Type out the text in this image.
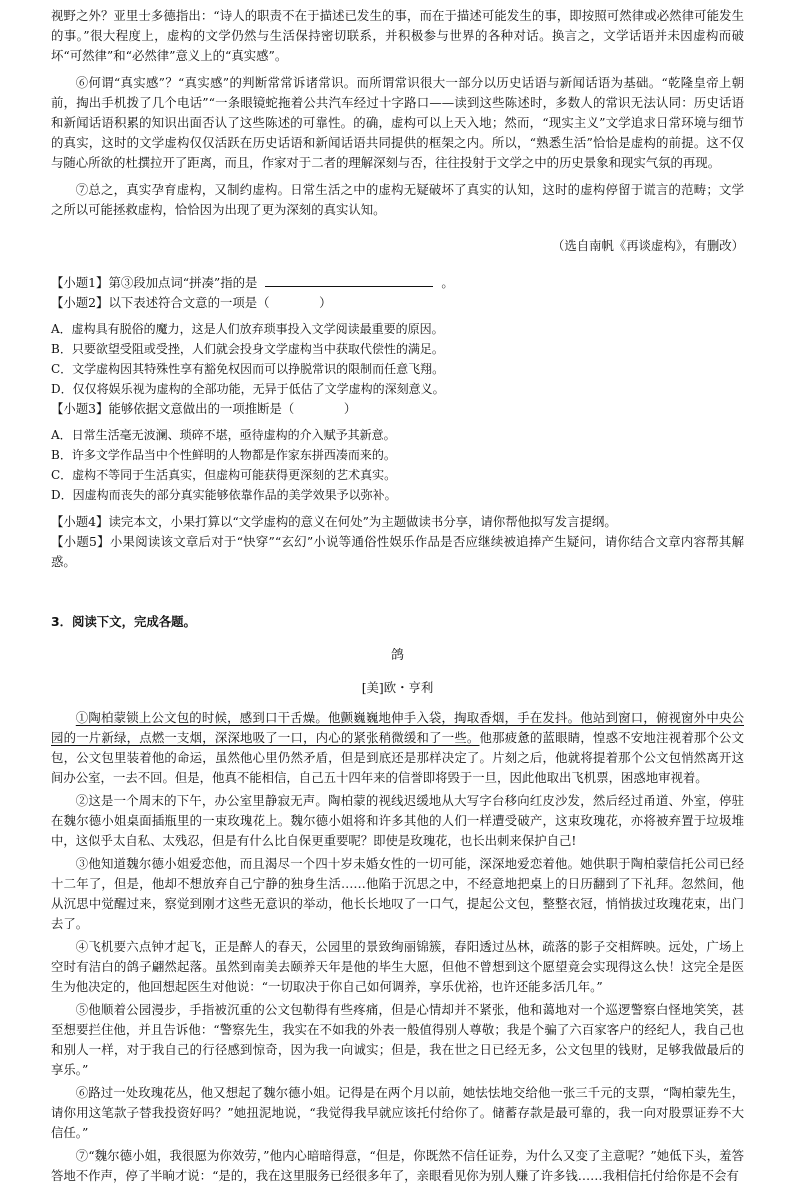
视野之外？亚里士多德指出：“诗人的职责不在于描述已发生的事，而在于描述可能发生的事，即按照可然律或必然律可能发生的事。”很大程度上，虚构的文学仍然与生活保持密切联系，并积极参与世界的各种对话。换言之，文学话语并未因虚构而破坏“可然律”和“必然律”意义上的“真实感”。

⑥何谓“真实感”？“真实感”的判断常常诉诸常识。而所谓常识很大一部分以历史话语与新闻话语为基础。“乾隆皇帝上朝前，掏出手机拨了几个电话”“一条眼镜蛇拖着公共汽车经过十字路口——读到这些陈述时，多数人的常识无法认同：历史话语和新闻话语积累的知识出面否认了这些陈述的可靠性。的确，虚构可以上天入地；然而，“现实主义”文学追求日常环境与细节的真实，这时的文学虚构仅仅活跃在历史话语和新闻话语共同提供的框架之内。所以，“熟悉生活”恰恰是虚构的前提。这不仅与随心所欲的杜撰拉开了距离，而且，作家对于二者的理解深刻与否，往往投射于文学之中的历史景象和现实气氛的再现。

⑦总之，真实孕育虚构，又制约虚构。日常生活之中的虚构无疑破坏了真实的认知，这时的虚构停留于谎言的范畴；文学之所以可能拯救虚构，恰恰因为出现了更为深刻的真实认知。

（选自南帆《再谈虚构》，有删改）

【小题1】第③段加点词“拼凑”指的是	。

【小题2】以下表述符合文意的一项是（　　　　）

A．虚构具有脱俗的魔力，这是人们放弃琐事投入文学阅读最重要的原因。

B．只要欲望受阻或受挫，人们就会投身文学虚构当中获取代偿性的满足。

C．文学虚构因其特殊性享有豁免权因而可以挣脱常识的限制而任意飞翔。

D．仅仅将娱乐视为虚构的全部功能，无异于低估了文学虚构的深刻意义。

【小题3】能够依据文意做出的一项推断是（　　　　）

A．日常生活毫无波澜、琐碎不堪，亟待虚构的介入赋予其新意。

B．许多文学作品当中个性鲜明的人物都是作家东拼西凑而来的。

C．虚构不等同于生活真实，但虚构可能获得更深刻的艺术真实。

D．因虚构而丧失的部分真实能够依靠作品的美学效果予以弥补。

【小题4】读完本文，小果打算以“文学虚构的意义在何处”为主题做读书分享，请你帮他拟写发言提纲。

【小题5】小果阅读该文章后对于“快穿”“玄幻”小说等通俗性娱乐作品是否应继续被追捧产生疑问，请你结合文章内容帮其解惑。

3．阅读下文，完成各题。
鸽
[美]欧・亨利

①陶柏蒙锁上公文包的时候，感到口干舌燥。他颤巍巍地伸手入袋，掏取香烟，手在发抖。他站到窗口，俯视窗外中央公园的一片新绿，点燃一支烟，深深地吸了一口，内心的紧张稍微缓和了一些。他那疲惫的蓝眼睛，惶惑不安地注视着那个公文包，公文包里装着他的命运，虽然他心里仍然矛盾，但是到底还是那样决定了。片刻之后，他就将提着那个公文包悄然离开这间办公室，一去不回。但是，他真不能相信，自己五十四年来的信誉即将毁于一旦，因此他取出飞机票，困惑地审视着。

②这是一个周末的下午，办公室里静寂无声。陶柏蒙的视线迟缓地从大写字台移向红皮沙发，然后经过甬道、外室，停驻在魏尔德小姐桌面插瓶里的一束玫瑰花上。魏尔德小姐将和许多其他的人们一样遭受破产，这束玫瑰花，亦将被弃置于垃圾堆中，这似乎太自私、太残忍，但是有什么比自保更重要呢？即使是玫瑰花，也长出刺来保护自己!

③他知道魏尔德小姐爱恋他，而且渴尽一个四十岁未婚女性的一切可能，深深地爱恋着他。她供职于陶柏蒙信托公司已经十二年了，但是，他却不想放弃自己宁静的独身生活……他陷于沉思之中，不经意地把桌上的日历翻到了下礼拜。忽然间，他从沉思中觉醒过来，察觉到刚才这些无意识的举动，他长长地叹了一口气，提起公文包，整整衣冠，悄悄拔过玫瑰花束，出门去了。

④飞机要六点钟才起飞，正是醉人的春天，公园里的景致绚丽锦簇，春阳透过丛林，疏落的影子交相辉映。远处，广场上空时有洁白的鸽子翩然起落。虽然到南美去颐养天年是他的毕生大愿，但他不曾想到这个愿望竟会实现得这么快！这完全是医生为他决定的，他回想起医生对他说：“一切取决于你自己如何调养，享乐优裕，也许还能多活几年。”

⑤他顺着公园漫步，手指被沉重的公文包勒得有些疼痛，但是心情却并不紧张，他和蔼地对一个巡逻警察白怪地笑笑，甚至想要拦住他，并且告诉他：“警察先生，我实在不如我的外表一般值得别人尊敬；我是个骗了六百家客户的经纪人，我自己也和别人一样，对于我自己的行径感到惊奇，因为我一向诚实；但是，我在世之日已经无多，公文包里的钱财，足够我做最后的享乐。”

⑥路过一处玫瑰花丛，他又想起了魏尔德小姐。记得是在两个月以前，她怯怯地交给他一张三千元的支票，“陶柏蒙先生，请你用这笔款子替我投资好吗？”她扭泥地说，“我觉得我早就应该托付给你了。储蓄存款是最可靠的，我一向对股票证券不大信任。”

⑦“魏尔德小姐，我很愿为你效劳，”他内心暗暗得意，“但是，你既然不信任证券，为什么又变了主意呢？”她低下头，羞答答地不作声，停了半晌才说：“是的，我在这里服务已经很多年了，亲眼看见你为别人赚了许多钱……我相信托付给你是不会有
